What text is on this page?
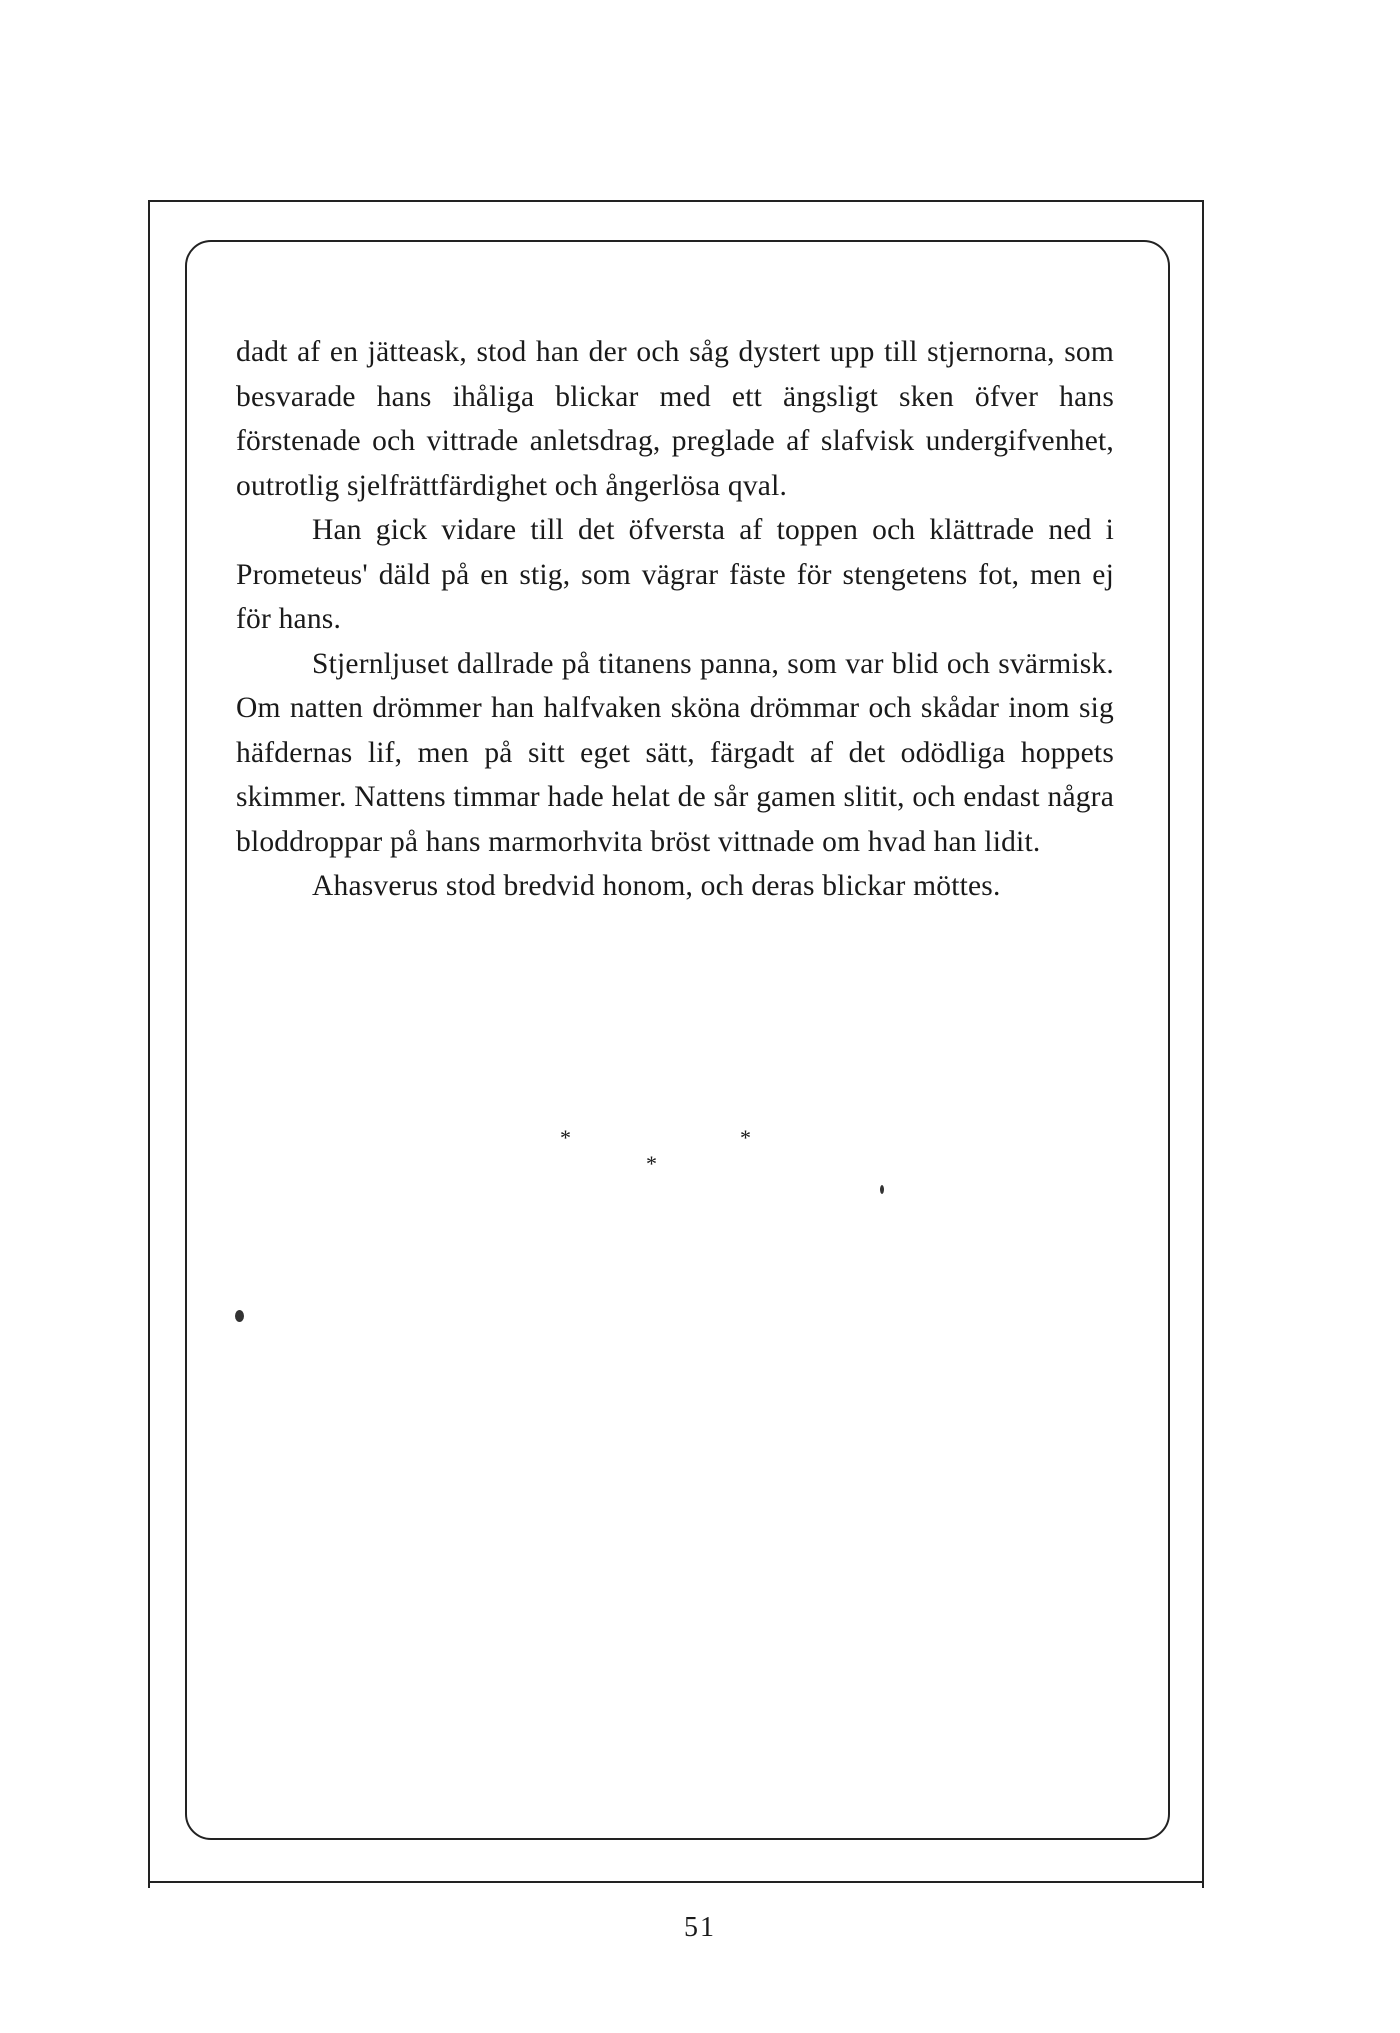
dadt af en jätteask, stod han der och såg dystert upp till stjernorna, som besvarade hans ihåliga blickar med ett ängsligt sken öfver hans förstenade och vittrade anletsdrag, preglade af slafvisk undergifvenhet, outrotlig sjelfrättfärdighet och ångerlösa qval.

Han gick vidare till det öfversta af toppen och klättrade ned i Prometeus' däld på en stig, som vägrar fäste för stengetens fot, men ej för hans.

Stjernljuset dallrade på titanens panna, som var blid och svärmisk. Om natten drömmer han halfvaken sköna drömmar och skådar inom sig häfdernas lif, men på sitt eget sätt, färgadt af det odödliga hoppets skimmer. Nattens timmar hade helat de sår gamen slitit, och endast några bloddroppar på hans marmorhvita bröst vittnade om hvad han lidit.

Ahasverus stod bredvid honom, och deras blickar möttes.

*
*
*
51
